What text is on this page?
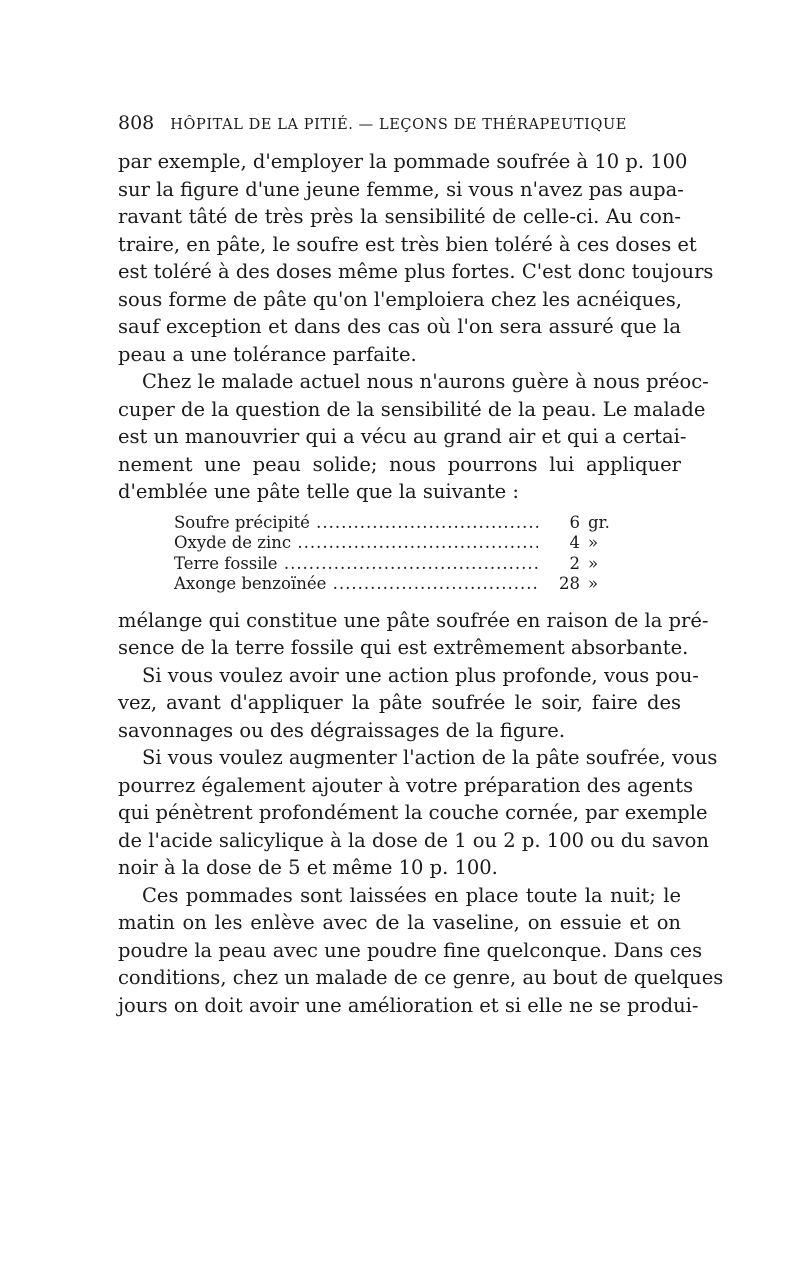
808 HÔPITAL DE LA PITIÉ. — LEÇONS DE THÉRAPEUTIQUE
par exemple, d'employer la pommade soufrée à 10 p. 100
sur la figure d'une jeune femme, si vous n'avez pas aupa-
ravant tâté de très près la sensibilité de celle-ci. Au con-
traire, en pâte, le soufre est très bien toléré à ces doses et
est toléré à des doses même plus fortes. C'est donc toujours
sous forme de pâte qu'on l'emploiera chez les acnéiques,
sauf exception et dans des cas où l'on sera assuré que la
peau a une tolérance parfaite.
Chez le malade actuel nous n'aurons guère à nous préoc-
cuper de la question de la sensibilité de la peau. Le malade
est un manouvrier qui a vécu au grand air et qui a certai-
nement une peau solide; nous pourrons lui appliquer
d'emblée une pâte telle que la suivante :
Soufre précipité .....	6 gr.
Oxyde de zinc .....	4 »
Terre fossile .....	2 »
Axonge benzoïnée .....	28 »
mélange qui constitue une pâte soufrée en raison de la pré-
sence de la terre fossile qui est extrêmement absorbante.
Si vous voulez avoir une action plus profonde, vous pou-
vez, avant d'appliquer la pâte soufrée le soir, faire des
savonnages ou des dégraissages de la figure.
Si vous voulez augmenter l'action de la pâte soufrée, vous
pourrez également ajouter à votre préparation des agents
qui pénètrent profondément la couche cornée, par exemple
de l'acide salicylique à la dose de 1 ou 2 p. 100 ou du savon
noir à la dose de 5 et même 10 p. 100.
Ces pommades sont laissées en place toute la nuit; le
matin on les enlève avec de la vaseline, on essuie et on
poudre la peau avec une poudre fine quelconque. Dans ces
conditions, chez un malade de ce genre, au bout de quelques
jours on doit avoir une amélioration et si elle ne se produi-
